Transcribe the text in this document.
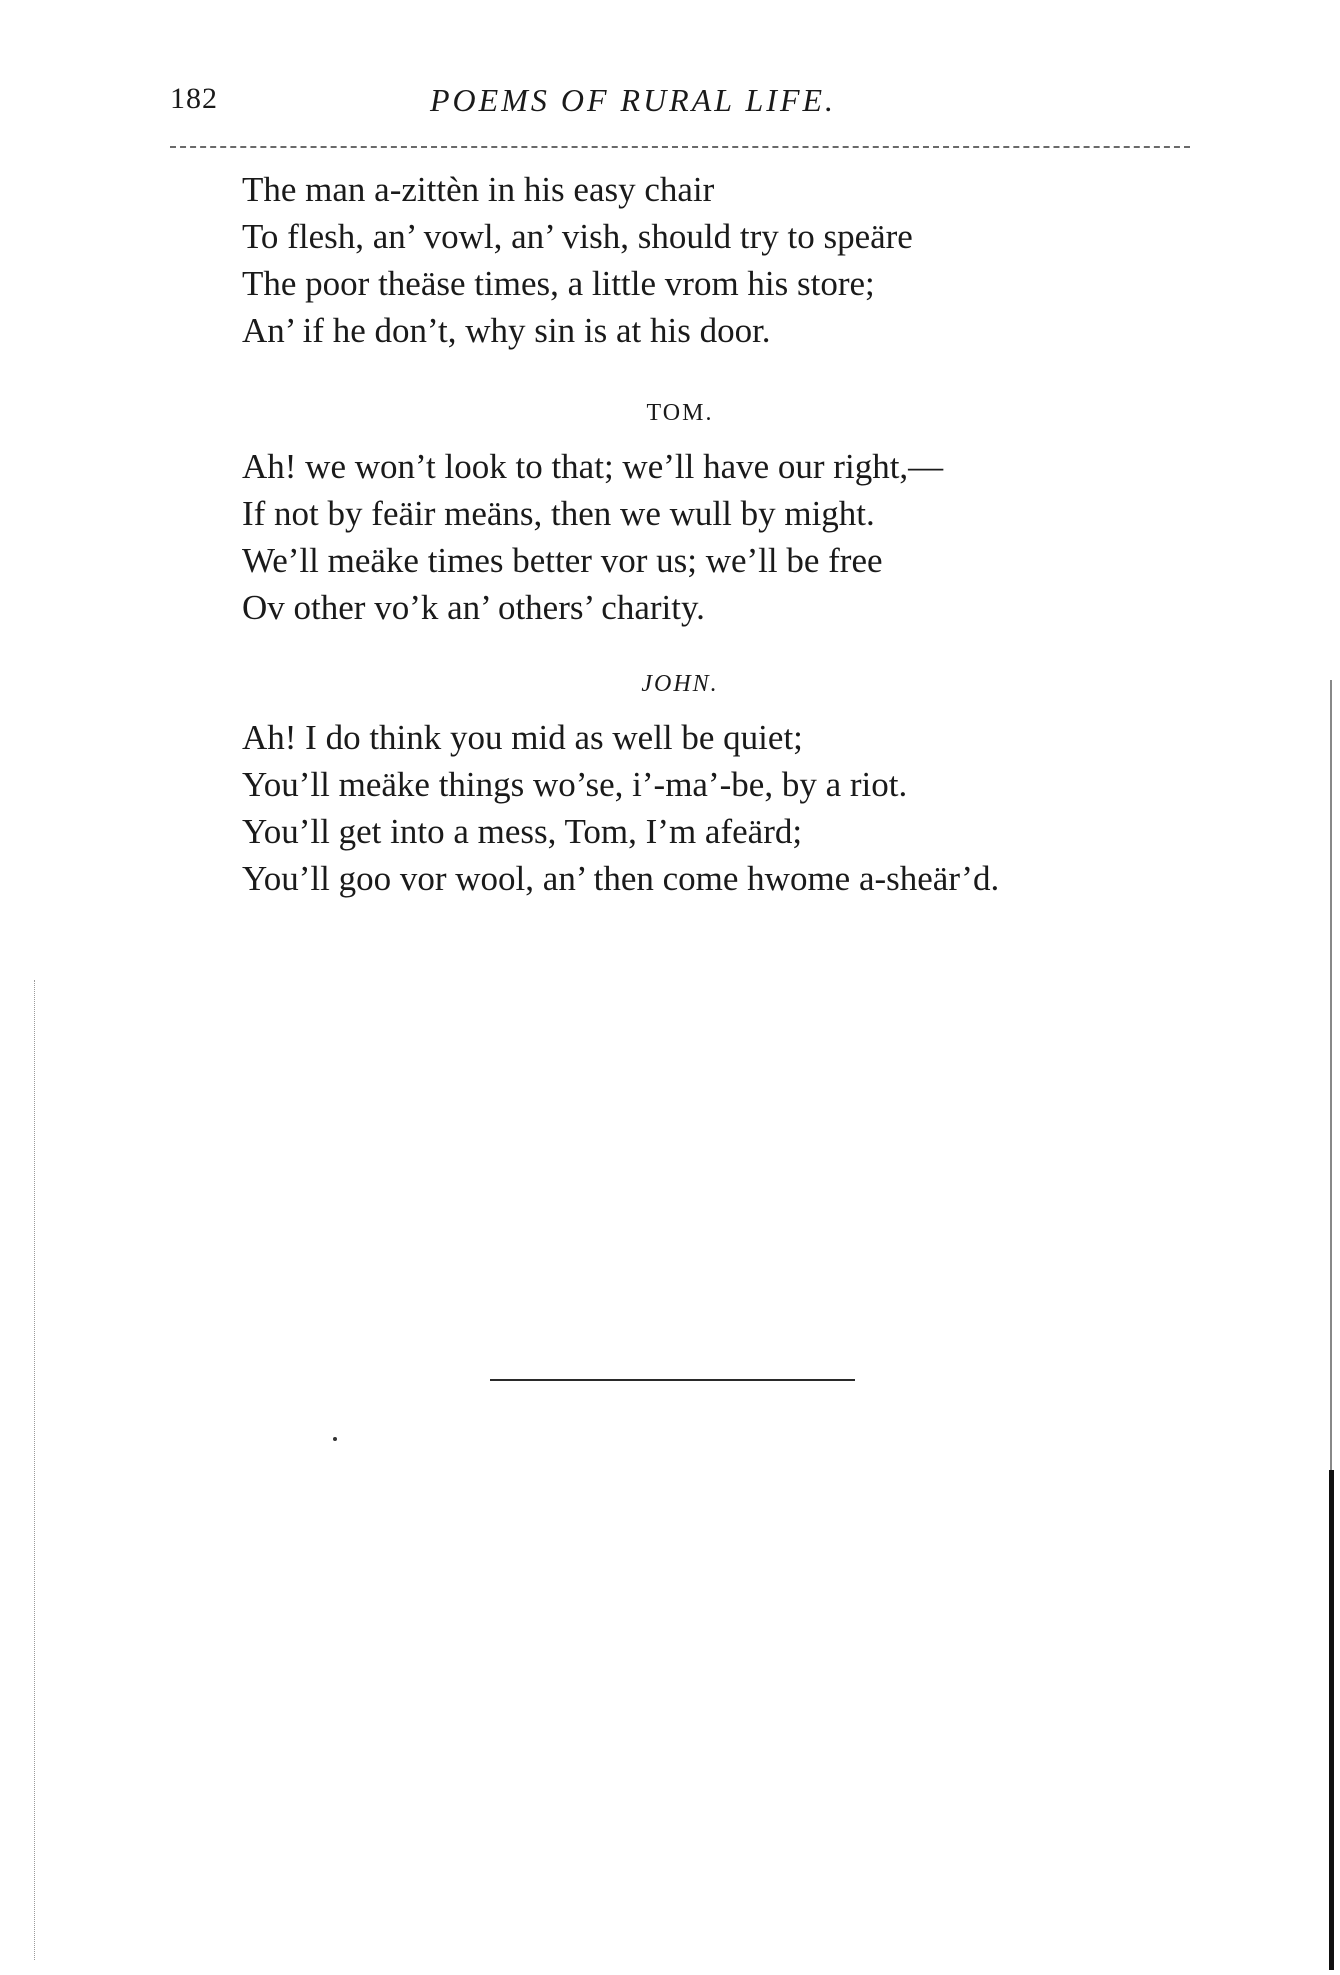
182	POEMS OF RURAL LIFE.
The man a-zittèn in his easy chair
To flesh, an’ vowl, an’ vish, should try to speäre
The poor theäse times, a little vrom his store;
An’ if he don’t, why sin is at his door.
TOM.
Ah! we won’t look to that; we’ll have our right,—
If not by feäir meäns, then we wull by might.
We’ll meäke times better vor us; we’ll be free
Ov other vo’k an’ others’ charity.
JOHN.
Ah! I do think you mid as well be quiet;
You’ll meäke things wo’se, i’-ma’-be, by a riot.
You’ll get into a mess, Tom, I’m afeärd;
You’ll goo vor wool, an’ then come hwome a-sheär’d.
